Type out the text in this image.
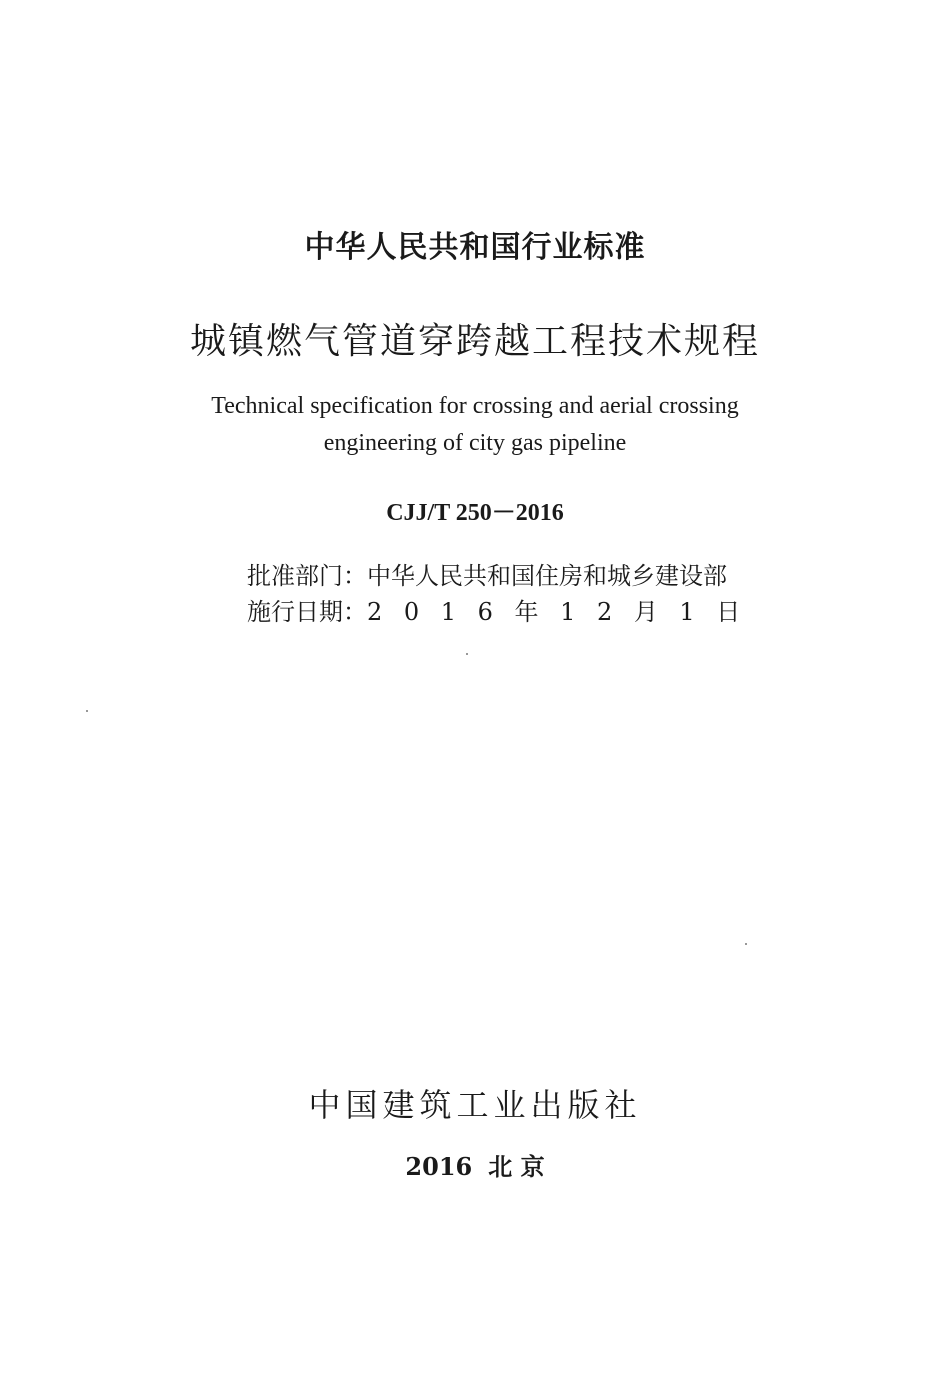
中华人民共和国行业标准
城镇燃气管道穿跨越工程技术规程
Technical specification for crossing and aerial crossing
engineering of city gas pipeline
CJJ/T 250－2016
批准部门：中华人民共和国住房和城乡建设部
施行日期：2016年12月1日
中国建筑工业出版社
2016 北 京
